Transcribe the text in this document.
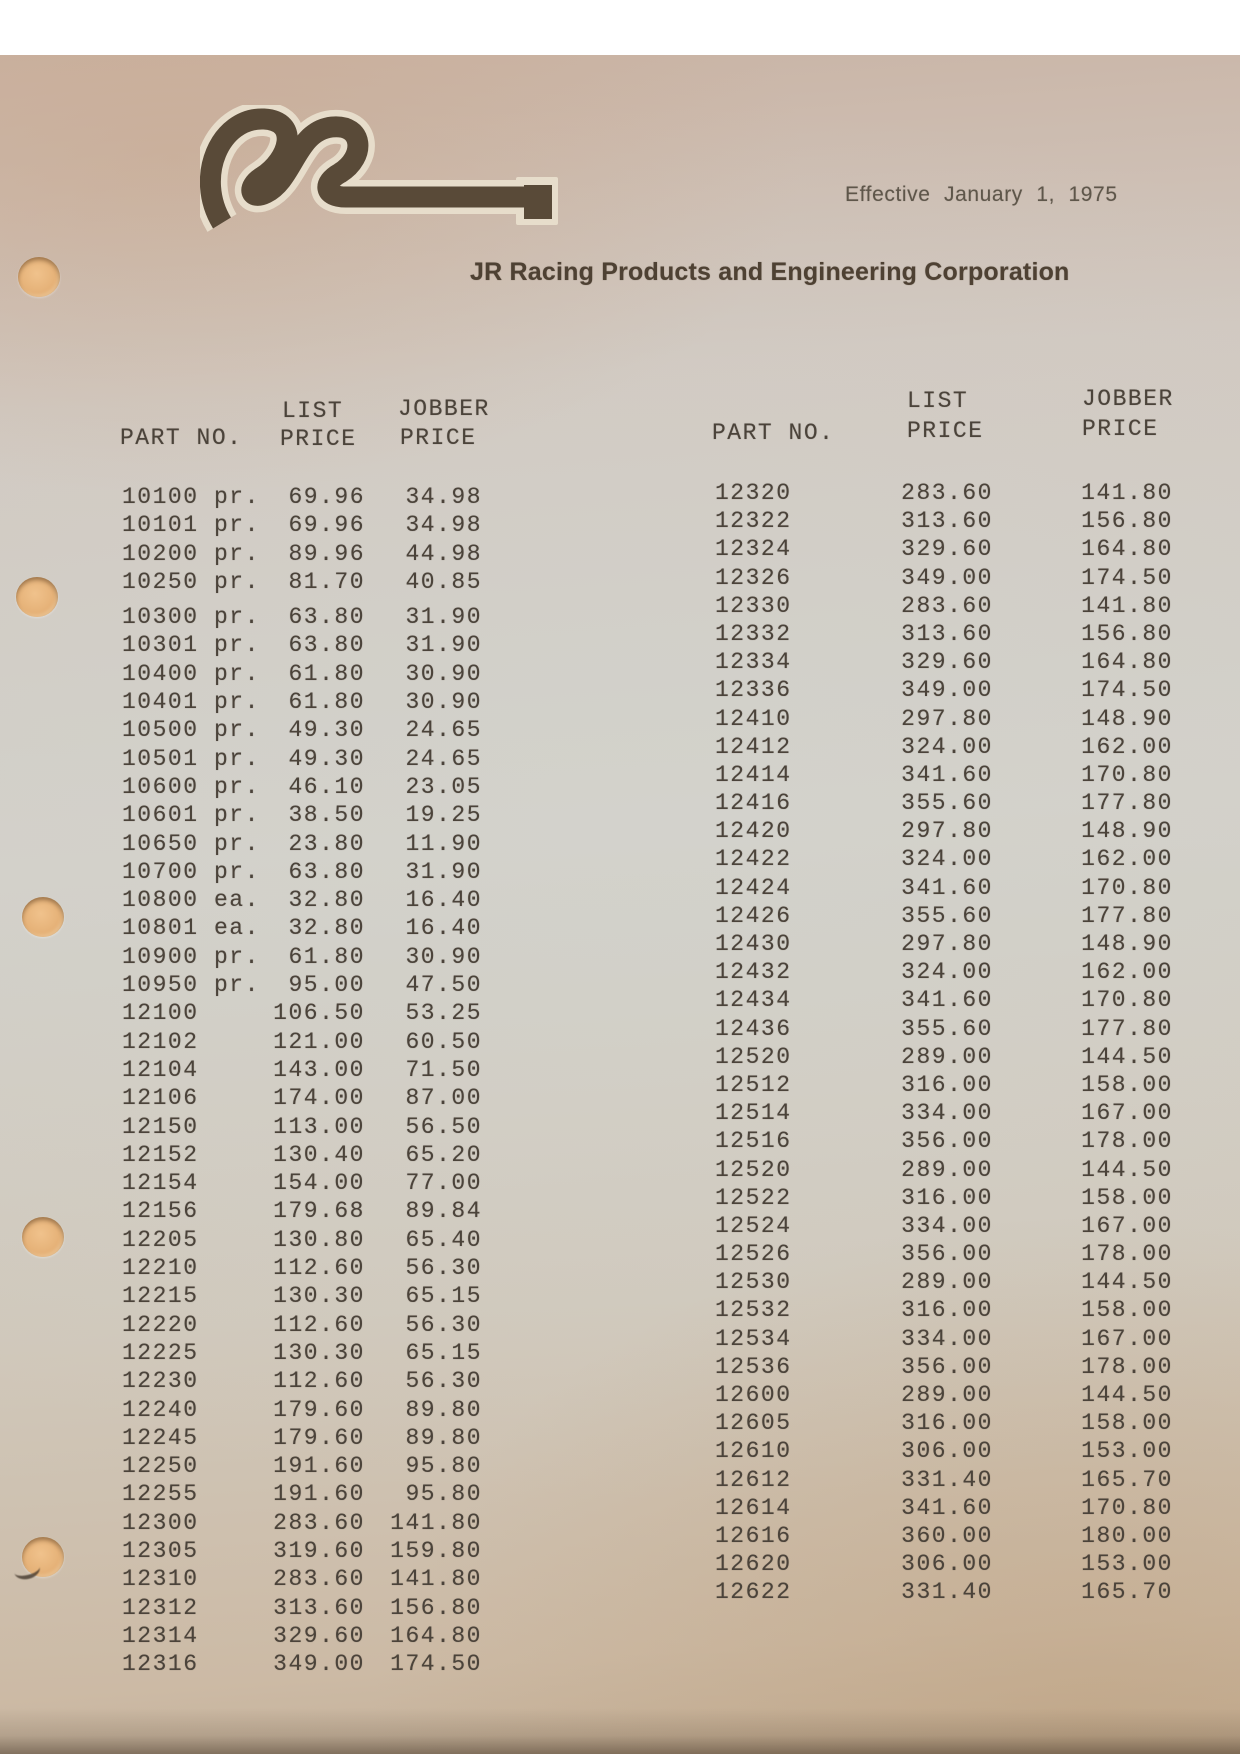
Effective January 1, 1975
JR Racing Products and Engineering Corporation
LIST JOBBER
PART NO. PRICE PRICE
LIST	JOBBER
PART NO.	PRICE	PRICE
10100 pr.	69.96	34.98
10101 pr.	69.96	34.98
10200 pr.	89.96	44.98
10250 pr.	81.70	40.85
10300 pr.	63.80	31.90
10301 pr.	63.80	31.90
10400 pr.	61.80	30.90
10401 pr.	61.80	30.90
10500 pr.	49.30	24.65
10501 pr.	49.30	24.65
10600 pr.	46.10	23.05
10601 pr.	38.50	19.25
10650 pr.	23.80	11.90
10700 pr.	63.80	31.90
10800 ea.	32.80	16.40
10801 ea.	32.80	16.40
10900 pr.	61.80	30.90
10950 pr.	95.00	47.50
12100	106.50	53.25
12102	121.00	60.50
12104	143.00	71.50
12106	174.00	87.00
12150	113.00	56.50
12152	130.40	65.20
12154	154.00	77.00
12156	179.68	89.84
12205	130.80	65.40
12210	112.60	56.30
12215	130.30	65.15
12220	112.60	56.30
12225	130.30	65.15
12230	112.60	56.30
12240	179.60	89.80
12245	179.60	89.80
12250	191.60	95.80
12255	191.60	95.80
12300	283.60	141.80
12305	319.60	159.80
12310	283.60	141.80
12312	313.60	156.80
12314	329.60	164.80
12316	349.00	174.50
12320	283.60	141.80
12322	313.60	156.80
12324	329.60	164.80
12326	349.00	174.50
12330	283.60	141.80
12332	313.60	156.80
12334	329.60	164.80
12336	349.00	174.50
12410	297.80	148.90
12412	324.00	162.00
12414	341.60	170.80
12416	355.60	177.80
12420	297.80	148.90
12422	324.00	162.00
12424	341.60	170.80
12426	355.60	177.80
12430	297.80	148.90
12432	324.00	162.00
12434	341.60	170.80
12436	355.60	177.80
12520	289.00	144.50
12512	316.00	158.00
12514	334.00	167.00
12516	356.00	178.00
12520	289.00	144.50
12522	316.00	158.00
12524	334.00	167.00
12526	356.00	178.00
12530	289.00	144.50
12532	316.00	158.00
12534	334.00	167.00
12536	356.00	178.00
12600	289.00	144.50
12605	316.00	158.00
12610	306.00	153.00
12612	331.40	165.70
12614	341.60	170.80
12616	360.00	180.00
12620	306.00	153.00
12622	331.40	165.70
